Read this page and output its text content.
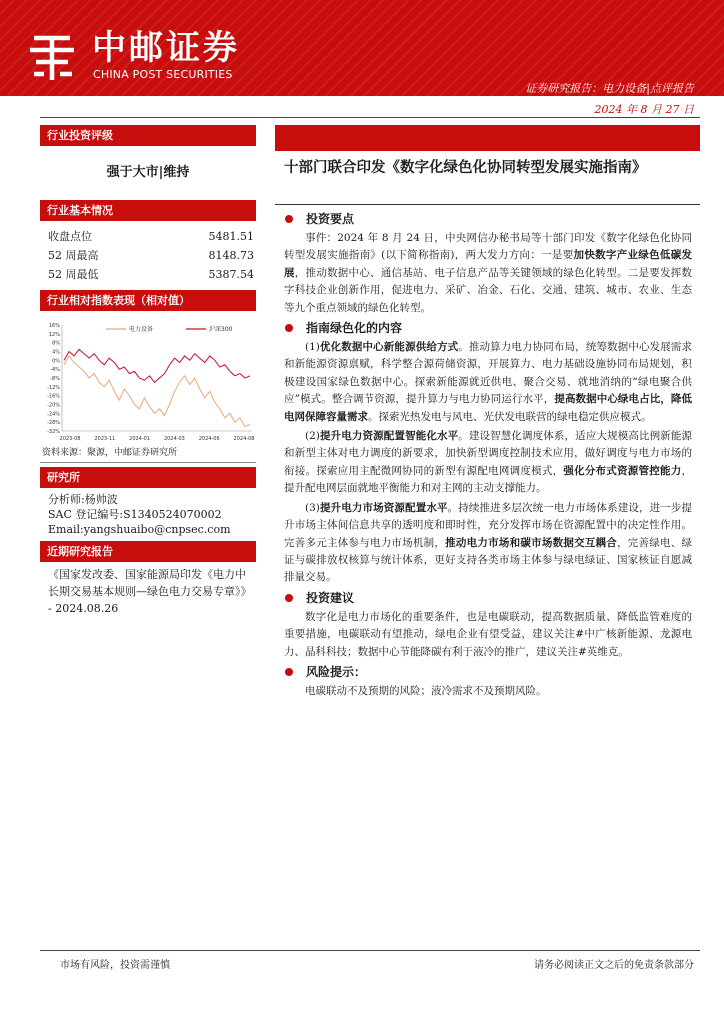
中邮证券
CHINA POST SECURITIES
证券研究报告：电力设备|点评报告
2024 年 8 月 27 日
行业投资评级
强于大市|维持
行业基本情况
收盘点位	5481.51
52 周最高	8148.73
52 周最低	5387.54
行业相对指数表现（相对值）
16%
12%
8%
4%
0%
-4%
-8%
-12%
-16%
-20%
-24%
-28%
-32%
2023-08	2023-11	2024-01	2024-03	2024-06	2024-08
电力设备	沪深300
资料来源：聚源，中邮证券研究所
研究所
分析师:杨帅波
SAC 登记编号:S1340524070002
Email:yangshuaibo@cnpsec.com
近期研究报告
《国家发改委、国家能源局印发《电力中长期交易基本规则—绿色电力交易专章》》 - 2024.08.26
十部门联合印发《数字化绿色化协同转型发展实施指南》
投资要点

事件：2024 年 8 月 24 日，中央网信办秘书局等十部门印发《数字化绿色化协同转型发展实施指南》(以下简称指南)，两大发力方向：一是要加快数字产业绿色低碳发展，推动数据中心、通信基站、电子信息产品等关键领域的绿色化转型。二是要发挥数字科技企业创新作用，促进电力、采矿、冶金、石化、交通、建筑、城市、农业、生态等九个重点领域的绿色化转型。

指南绿色化的内容

(1)优化数据中心新能源供给方式。推动算力电力协同布局，统筹数据中心发展需求和新能源资源禀赋，科学整合源荷储资源，开展算力、电力基础设施协同布局规划，积极建设国家绿色数据中心。探索新能源就近供电、聚合交易、就地消纳的“绿电聚合供应”模式。整合调节资源，提升算力与电力协同运行水平，提高数据中心绿电占比，降低电网保障容量需求。探索光热发电与风电、光伏发电联营的绿电稳定供应模式。

(2)提升电力资源配置智能化水平。建设智慧化调度体系，适应大规模高比例新能源和新型主体对电力调度的新要求，加快新型调度控制技术应用，做好调度与电力市场的衔接。探索应用主配微网协同的新型有源配电网调度模式，强化分布式资源管控能力，提升配电网层面就地平衡能力和对主网的主动支撑能力。

(3)提升电力市场资源配置水平。持续推进多层次统一电力市场体系建设，进一步提升市场主体间信息共享的透明度和即时性，充分发挥市场在资源配置中的决定性作用。完善多元主体参与电力市场机制，推动电力市场和碳市场数据交互耦合，完善绿电、绿证与碳排放权核算与统计体系，更好支持各类市场主体参与绿电绿证、国家核证自愿减排量交易。

投资建议

数字化是电力市场化的重要条件，也是电碳联动，提高数据质量、降低监管难度的重要措施，电碳联动有望推动，绿电企业有望受益，建议关注#中广核新能源、龙源电力、晶科科技；数据中心节能降碳有利于液冷的推广，建议关注#英维克。

风险提示：

电碳联动不及预期的风险；液冷需求不及预期风险。

市场有风险，投资需谨慎	请务必阅读正文之后的免责条款部分
